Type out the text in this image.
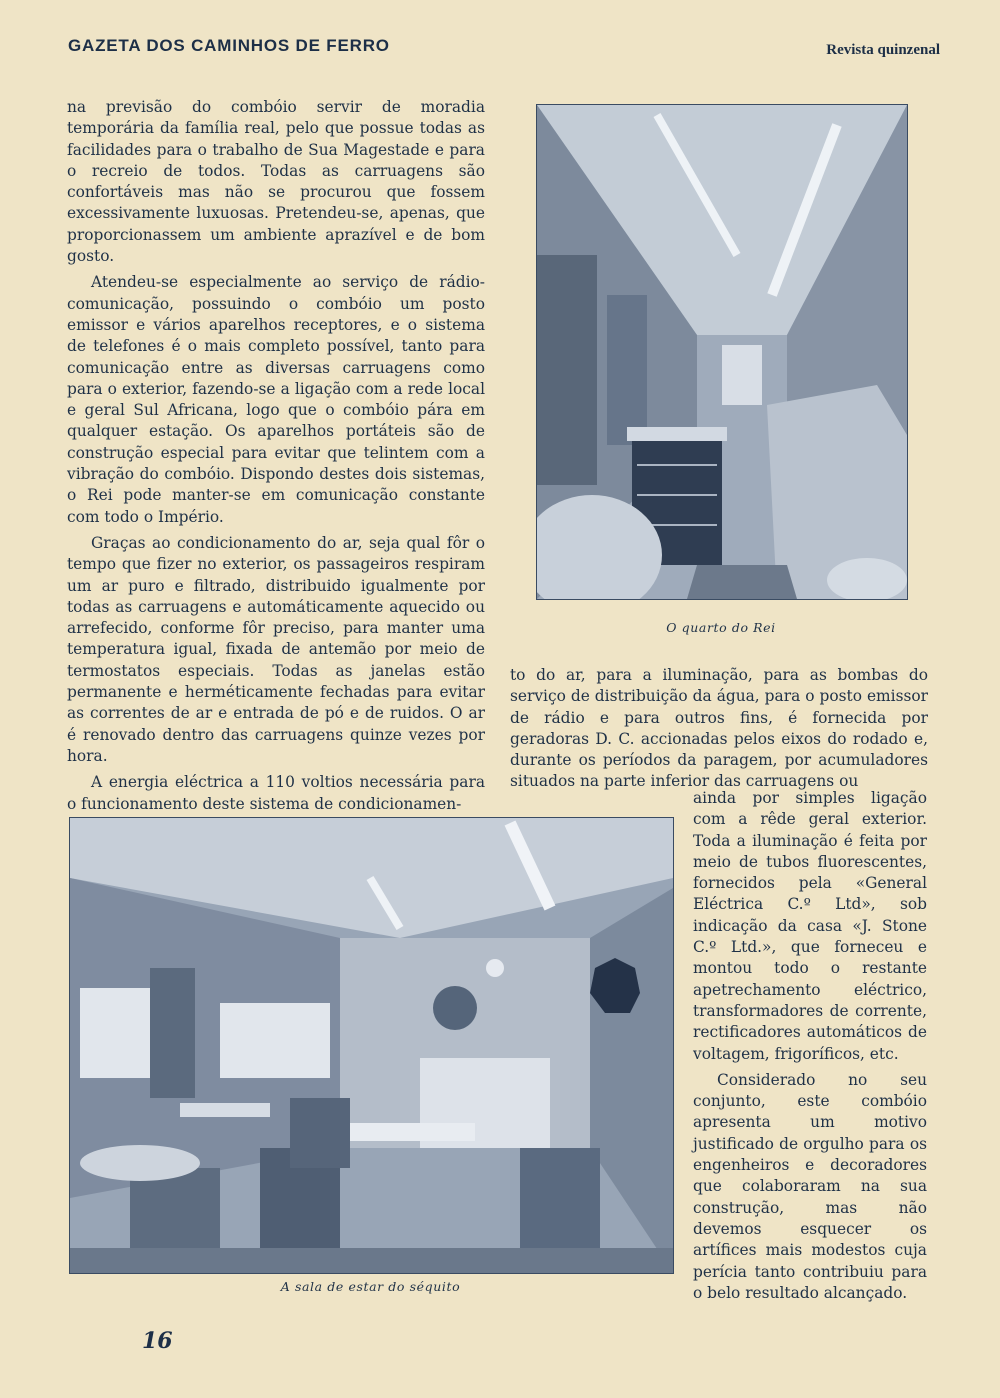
GAZETA DOS CAMINHOS DE FERRO	Revista quinzenal

na previsão do combóio servir de moradia temporária da família real, pelo que possue todas as facilidades para o trabalho de Sua Magestade e para o recreio de todos. Todas as carruagens são confortáveis mas não se procurou que fossem excessivamente luxuosas. Pretendeu-se, apenas, que proporcionassem um ambiente aprazível e de bom gosto.

Atendeu-se especialmente ao serviço de rádio-comunicação, possuindo o combóio um posto emissor e vários aparelhos receptores, e o sistema de telefones é o mais completo possível, tanto para comunicação entre as diversas carruagens como para o exterior, fazendo-se a ligação com a rede local e geral Sul Africana, logo que o combóio pára em qualquer estação. Os aparelhos portáteis são de construção especial para evitar que telintem com a vibração do combóio. Dispondo destes dois sistemas, o Rei pode manter-se em comunicação constante com todo o Império.

Graças ao condicionamento do ar, seja qual fôr o tempo que fizer no exterior, os passageiros respiram um ar puro e filtrado, distribuido igualmente por todas as carruagens e automáticamente aquecido ou arrefecido, conforme fôr preciso, para manter uma temperatura igual, fixada de antemão por meio de termostatos especiais. Todas as janelas estão permanente e herméticamente fechadas para evitar as correntes de ar e entrada de pó e de ruidos. O ar é renovado dentro das carruagens quinze vezes por hora.

A energia eléctrica a 110 voltios necessária para o funcionamento deste sistema de condicionamen-

O quarto do Rei
to do ar, para a iluminação, para as bombas do serviço de distribuição da água, para o posto emissor de rádio e para outros fins, é fornecida por geradoras D. C. accionadas pelos eixos do rodado e, durante os períodos da paragem, por acumuladores situados na parte inferior das carruagens ou
A sala de estar do séquito

ainda por simples ligação com a rêde geral exterior. Toda a iluminação é feita por meio de tubos fluorescentes, fornecidos pela «General Eléctrica C.º Ltd», sob indicação da casa «J. Stone C.º Ltd.», que forneceu e montou todo o restante apetrechamento eléctrico, transformadores de corrente, rectificadores automáticos de voltagem, frigoríficos, etc.

Considerado no seu conjunto, este combóio apresenta um motivo justificado de orgulho para os engenheiros e decoradores que colaboraram na sua construção, mas não devemos esquecer os artífices mais modestos cuja perícia tanto contribuiu para o belo resultado alcançado.

16
